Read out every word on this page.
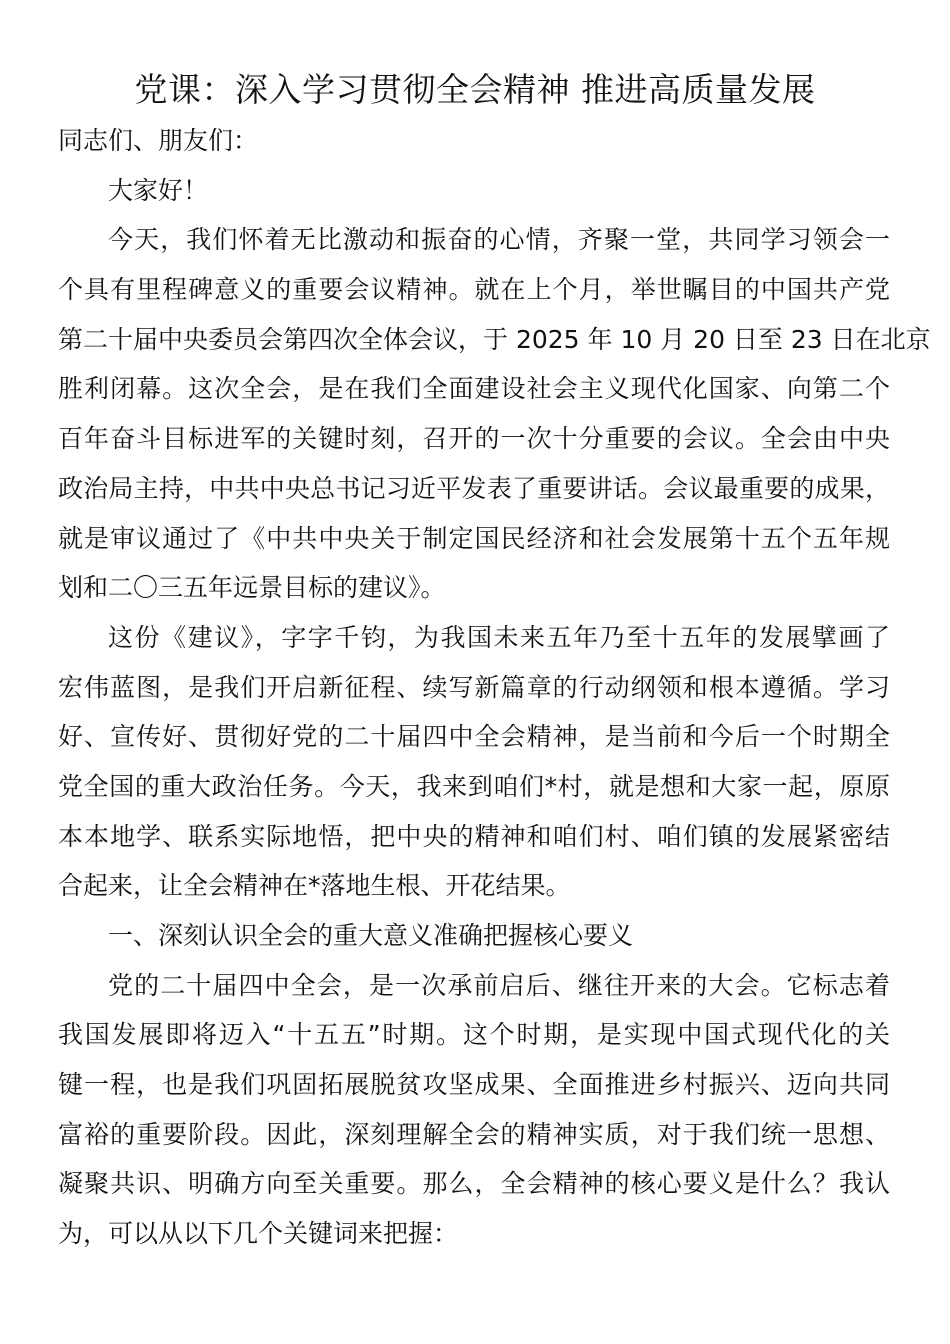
党课：深入学习贯彻全会精神 推进高质量发展
同志们、朋友们：
大家好！
今天，我们怀着无比激动和振奋的心情，齐聚一堂，共同学习领会一
个具有里程碑意义的重要会议精神。就在上个月，举世瞩目的中国共产党
第二十届中央委员会第四次全体会议，于 2025 年 10 月 20 日至 23 日在北京
胜利闭幕。这次全会，是在我们全面建设社会主义现代化国家、向第二个
百年奋斗目标进军的关键时刻，召开的一次十分重要的会议。全会由中央
政治局主持，中共中央总书记习近平发表了重要讲话。会议最重要的成果，
就是审议通过了《中共中央关于制定国民经济和社会发展第十五个五年规
划和二〇三五年远景目标的建议》。
这份《建议》，字字千钧，为我国未来五年乃至十五年的发展擘画了
宏伟蓝图，是我们开启新征程、续写新篇章的行动纲领和根本遵循。学习
好、宣传好、贯彻好党的二十届四中全会精神，是当前和今后一个时期全
党全国的重大政治任务。今天，我来到咱们*村，就是想和大家一起，原原
本本地学、联系实际地悟，把中央的精神和咱们村、咱们镇的发展紧密结
合起来，让全会精神在*落地生根、开花结果。
一、深刻认识全会的重大意义准确把握核心要义
党的二十届四中全会，是一次承前启后、继往开来的大会。它标志着
我国发展即将迈入“十五五”时期。这个时期，是实现中国式现代化的关
键一程，也是我们巩固拓展脱贫攻坚成果、全面推进乡村振兴、迈向共同
富裕的重要阶段。因此，深刻理解全会的精神实质，对于我们统一思想、
凝聚共识、明确方向至关重要。那么，全会精神的核心要义是什么？我认
为，可以从以下几个关键词来把握：
